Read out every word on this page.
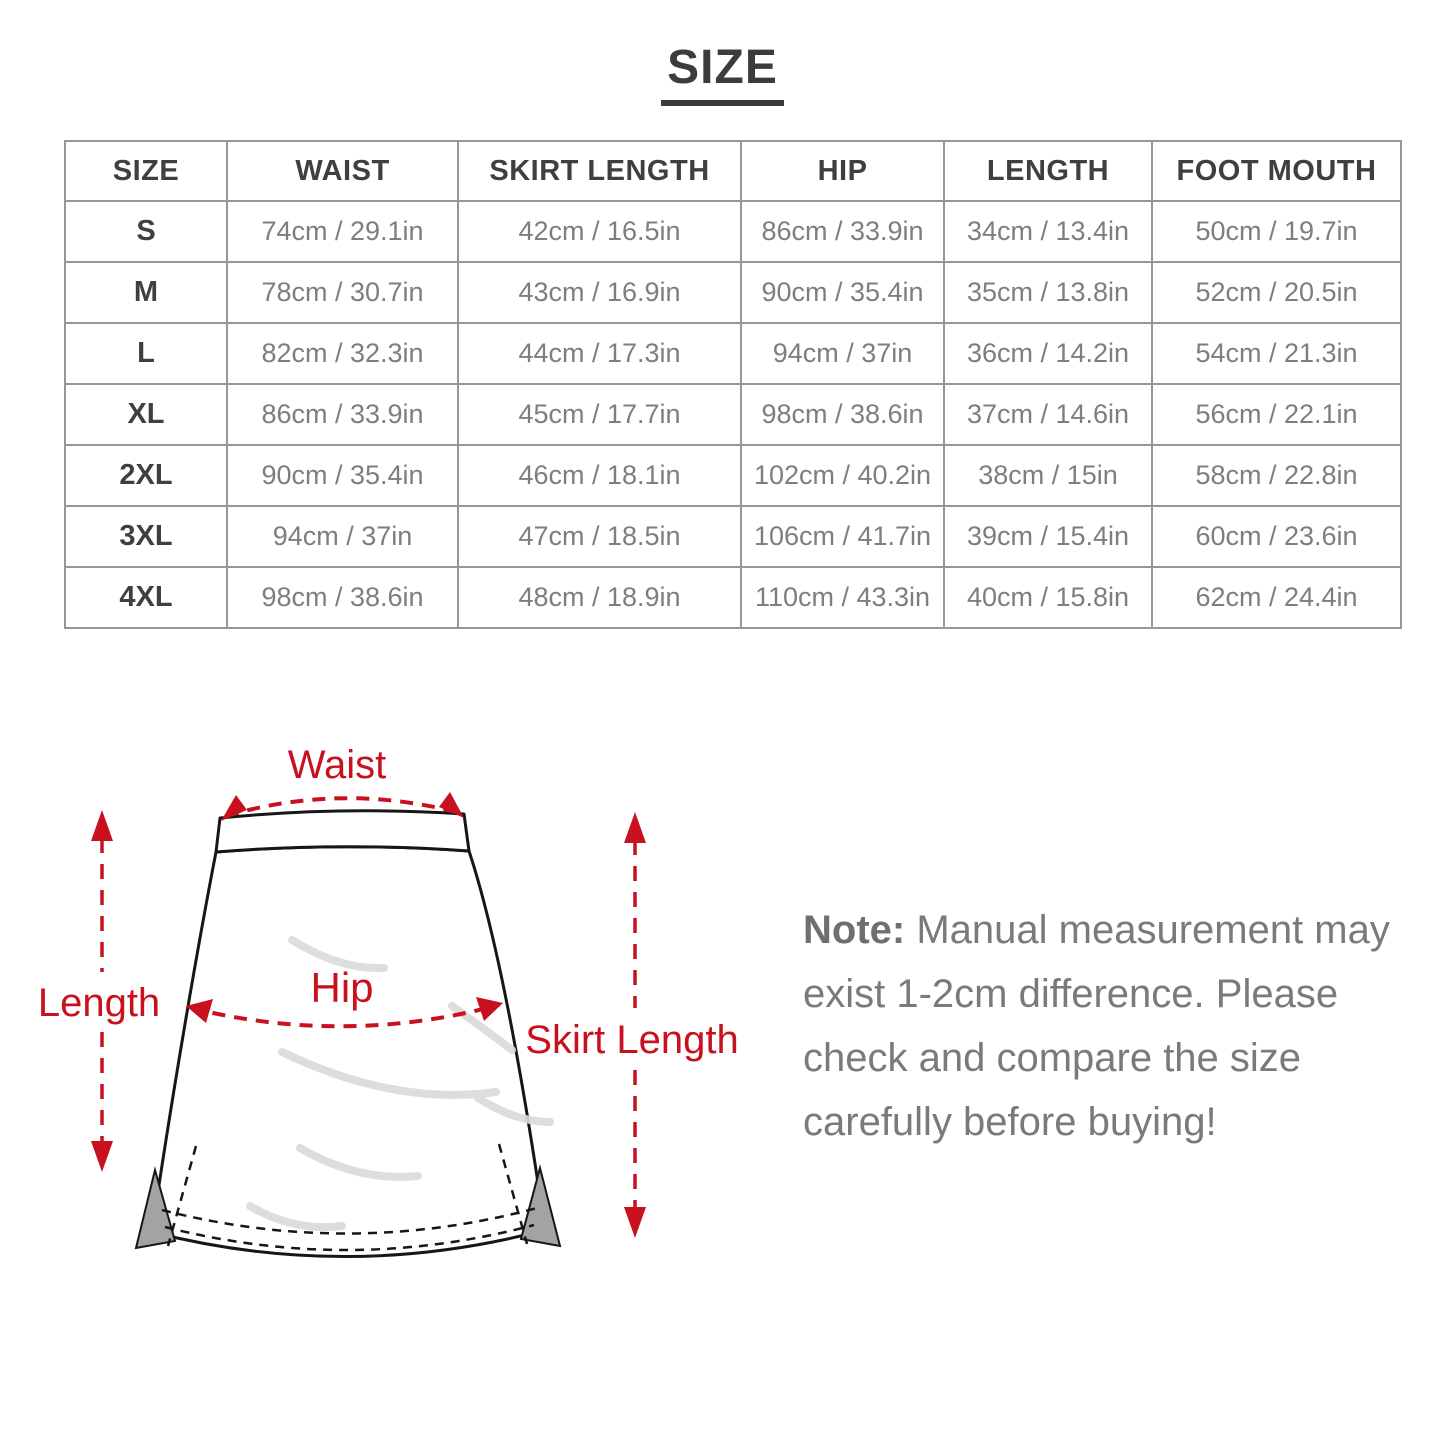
SIZE
SIZE	WAIST	SKIRT LENGTH	HIP	LENGTH	FOOT MOUTH
S	74cm / 29.1in	42cm / 16.5in	86cm / 33.9in	34cm / 13.4in	50cm / 19.7in
M	78cm / 30.7in	43cm / 16.9in	90cm / 35.4in	35cm / 13.8in	52cm / 20.5in
L	82cm / 32.3in	44cm / 17.3in	94cm / 37in	36cm / 14.2in	54cm / 21.3in
XL	86cm / 33.9in	45cm / 17.7in	98cm / 38.6in	37cm / 14.6in	56cm / 22.1in
2XL	90cm / 35.4in	46cm / 18.1in	102cm / 40.2in	38cm / 15in	58cm / 22.8in
3XL	94cm / 37in	47cm / 18.5in	106cm / 41.7in	39cm / 15.4in	60cm / 23.6in
4XL	98cm / 38.6in	48cm / 18.9in	110cm / 43.3in	40cm / 15.8in	62cm / 24.4in
Waist
Hip
Length
Skirt Length
Note: Manual measurement may
exist 1-2cm difference. Please
check and compare the size
carefully before buying!
